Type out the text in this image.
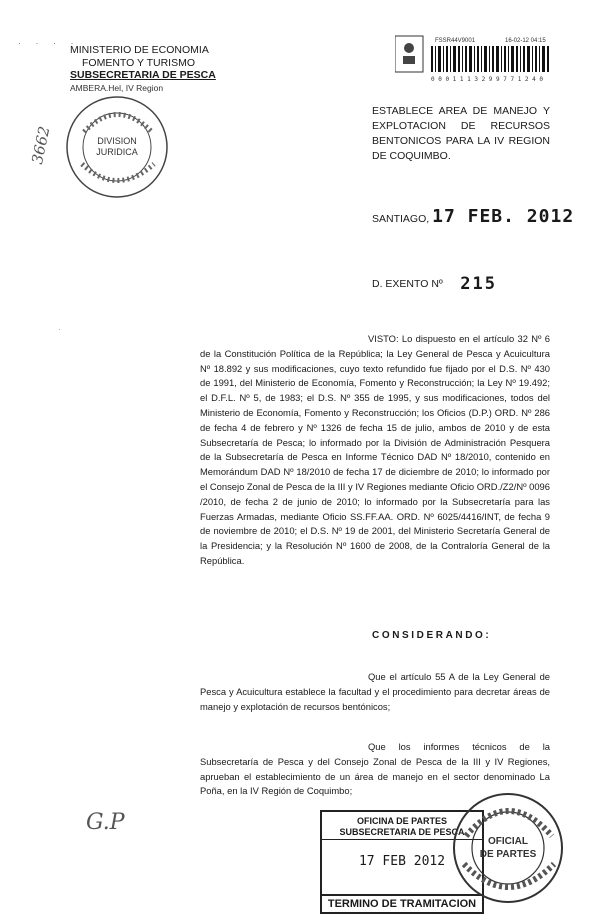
· · · ·
MINISTERIO DE ECONOMIA
FOMENTO Y TURISMO
SUBSECRETARIA DE PESCA
AMBERA.Hel, IV Region
DIVISION
JURIDICA
3662
FSSR44V9001	16-02-12 04:15
0 0 0 1 1 1 3 2 9 9 7 7 1 2 4 0
ESTABLECE AREA DE MANEJO Y EXPLOTACION DE RECURSOS BENTONICOS PARA LA IV REGION DE COQUIMBO.
SANTIAGO, 17 FEB. 2012
D. EXENTO Nº 215
·
VISTO: Lo dispuesto en el artículo 32 Nº 6 de la Constitución Política de la República; la Ley General de Pesca y Acuicultura Nº 18.892 y sus modificaciones, cuyo texto refundido fue fijado por el D.S. Nº 430 de 1991, del Ministerio de Economía, Fomento y Reconstrucción; la Ley Nº 19.492; el D.F.L. Nº 5, de 1983; el D.S. Nº 355 de 1995, y sus modificaciones, todos del Ministerio de Economía, Fomento y Reconstrucción; los Oficios (D.P.) ORD. Nº 286 de fecha 4 de febrero y Nº 1326 de fecha 15 de julio, ambos de 2010 y de esta Subsecretaría de Pesca; lo informado por la División de Administración Pesquera de la Subsecretaría de Pesca en Informe Técnico DAD Nº 18/2010, contenido en Memorándum DAD Nº 18/2010 de fecha 17 de diciembre de 2010; lo informado por el Consejo Zonal de Pesca de la III y IV Regiones mediante Oficio ORD./Z2/Nº 0096 /2010, de fecha 2 de junio de 2010; lo informado por la Subsecretaría para las Fuerzas Armadas, mediante Oficio SS.FF.AA. ORD. Nº 6025/4416/INT, de fecha 9 de noviembre de 2010; el D.S. Nº 19 de 2001, del Ministerio Secretaría General de la Presidencia; y la Resolución Nº 1600 de 2008, de la Contraloría General de la República.
CONSIDERANDO:
Que el artículo 55 A de la Ley General de Pesca y Acuicultura establece la facultad y el procedimiento para decretar áreas de manejo y explotación de recursos bentónicos;
Que los informes técnicos de la Subsecretaría de Pesca y del Consejo Zonal de Pesca de la III y IV Regiones, aprueban el establecimiento de un área de manejo en el sector denominado La Poña, en la IV Región de Coquimbo;
G.P	OFICINA DE PARTES
SUBSECRETARIA DE PESCA
17 FEB 2012
TERMINO DE TRAMITACION
OFICIAL
DE PARTES
